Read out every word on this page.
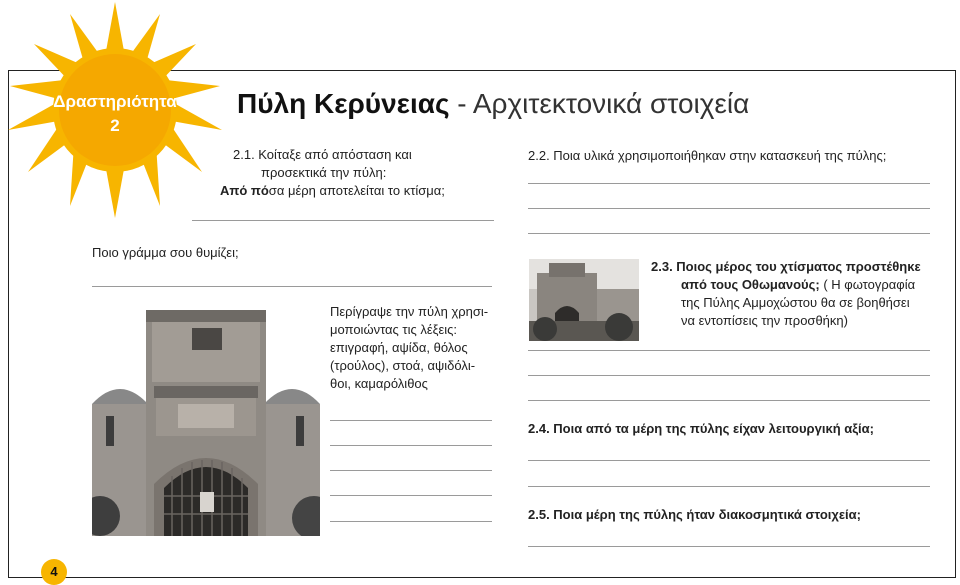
Δραστηριότητα
2
Πύλη Κερύνειας - Αρχιτεκτονικά στοιχεία
2.1. Κοίταξε από απόσταση και
προσεκτικά την πύλη:
Από πόσα μέρη αποτελείται το κτίσμα;
2.2. Ποια υλικά χρησιμοποιήθηκαν στην κατασκευή της πύλης;
Ποιο γράμμα σου θυμίζει;
Περίγραψε την πύλη χρησι-
μοποιώντας τις λέξεις:
επιγραφή, αψίδα, θόλος
(τρούλος), στοά, αψιδόλι-
θοι, καμαρόλιθος
2.3. Ποιος μέρος του χτίσματος προστέθηκε
από τους Οθωμανούς; ( Η φωτογραφία
της Πύλης Αμμοχώστου θα σε βοηθήσει
να εντοπίσεις την προσθήκη)
2.4. Ποια από τα μέρη της πύλης είχαν λειτουργική αξία;
2.5. Ποια μέρη της πύλης ήταν διακοσμητικά στοιχεία;
4
